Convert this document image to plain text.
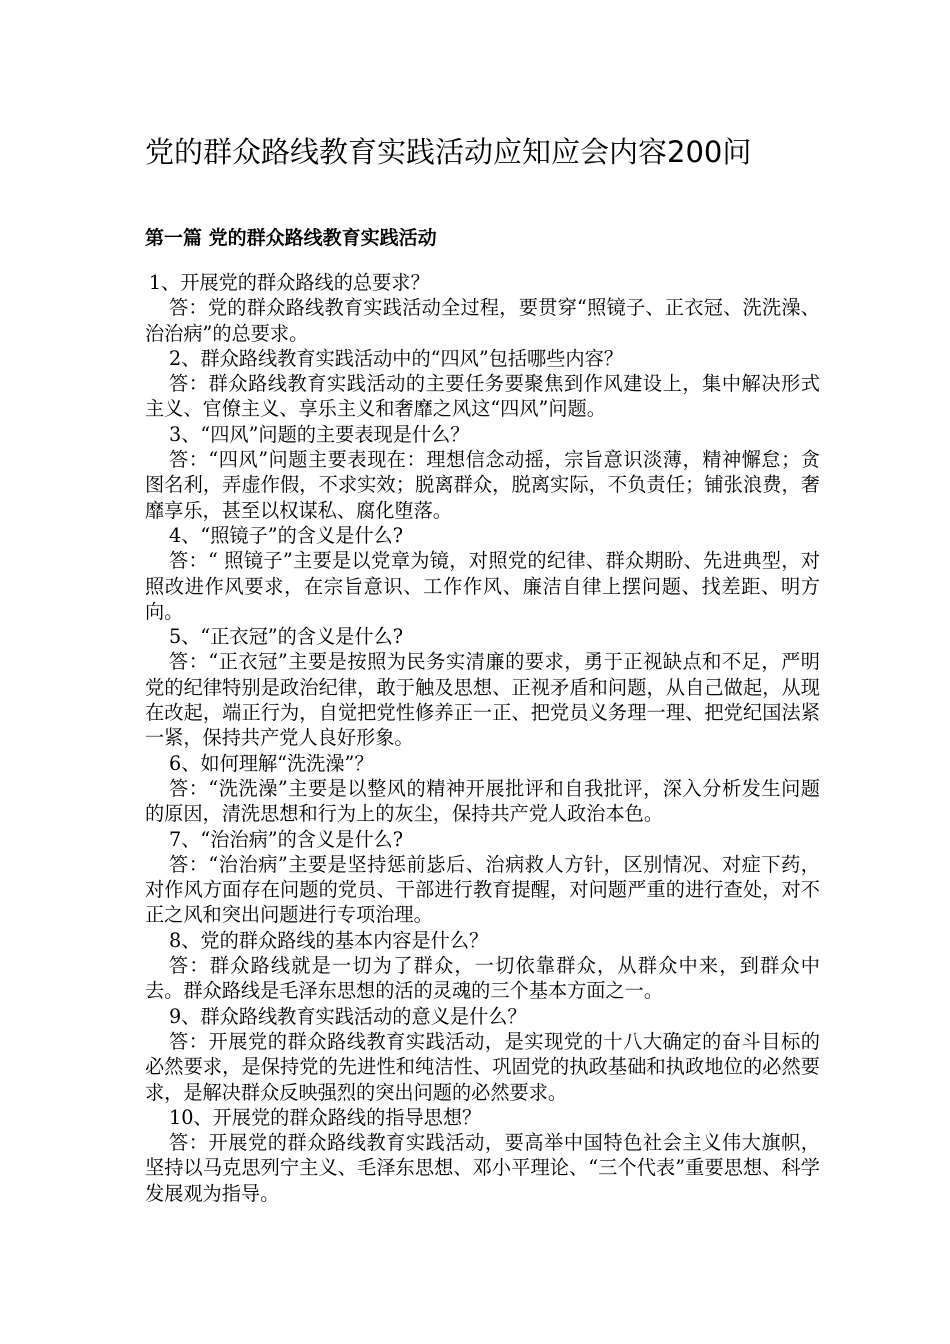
党的群众路线教育实践活动应知应会内容200问
第一篇 党的群众路线教育实践活动

1、开展党的群众路线的总要求？

答：党的群众路线教育实践活动全过程，要贯穿“照镜子、正衣冠、洗洗澡、治治病”的总要求。

2、群众路线教育实践活动中的“四风”包括哪些内容？

答：群众路线教育实践活动的主要任务要聚焦到作风建设上，集中解决形式主义、官僚主义、享乐主义和奢靡之风这“四风”问题。

3、“四风”问题的主要表现是什么？

答：“四风”问题主要表现在：理想信念动摇，宗旨意识淡薄，精神懈怠；贪图名利，弄虚作假，不求实效；脱离群众，脱离实际，不负责任；铺张浪费，奢靡享乐，甚至以权谋私、腐化堕落。

4、“照镜子”的含义是什么?

答：“ 照镜子”主要是以党章为镜，对照党的纪律、群众期盼、先进典型，对照改进作风要求，在宗旨意识、工作作风、廉洁自律上摆问题、找差距、明方向。

5、“正衣冠”的含义是什么?

答：“正衣冠”主要是按照为民务实清廉的要求，勇于正视缺点和不足，严明党的纪律特别是政治纪律，敢于触及思想、正视矛盾和问题，从自己做起，从现在改起，端正行为，自觉把党性修养正一正、把党员义务理一理、把党纪国法紧一紧，保持共产党人良好形象。

6、如何理解“洗洗澡”？

答：“洗洗澡”主要是以整风的精神开展批评和自我批评，深入分析发生问题的原因，清洗思想和行为上的灰尘，保持共产党人政治本色。

7、“治治病”的含义是什么?

答：“治治病”主要是坚持惩前毖后、治病救人方针，区别情况、对症下药，对作风方面存在问题的党员、干部进行教育提醒，对问题严重的进行查处，对不正之风和突出问题进行专项治理。

8、党的群众路线的基本内容是什么？

答：群众路线就是一切为了群众，一切依靠群众，从群众中来，到群众中去。群众路线是毛泽东思想的活的灵魂的三个基本方面之一。

9、群众路线教育实践活动的意义是什么？

答：开展党的群众路线教育实践活动，是实现党的十八大确定的奋斗目标的必然要求，是保持党的先进性和纯洁性、巩固党的执政基础和执政地位的必然要求，是解决群众反映强烈的突出问题的必然要求。

10、开展党的群众路线的指导思想？

答：开展党的群众路线教育实践活动，要高举中国特色社会主义伟大旗帜，坚持以马克思列宁主义、毛泽东思想、邓小平理论、“三个代表”重要思想、科学发展观为指导。
